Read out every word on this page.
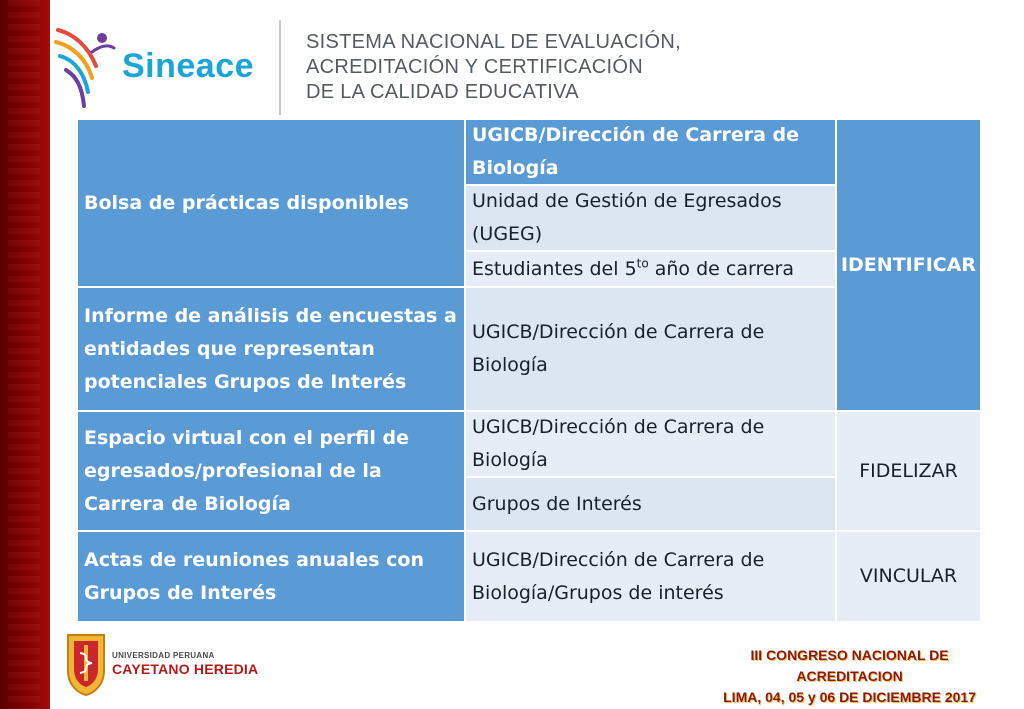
Sineace
SISTEMA NACIONAL DE EVALUACIÓN,
ACREDITACIÓN Y CERTIFICACIÓN
DE LA CALIDAD EDUCATIVA
Bolsa de prácticas disponibles
UGICB/Dirección de Carrera de Biología
Unidad de Gestión de Egresados (UGEG)
Estudiantes del $5^{to}$ año de carrera IDENTIFICAR
Informe de análisis de encuestas a entidades que representan potenciales Grupos de Interés
UGICB/Dirección de Carrera de Biología
Espacio virtual con el perfil de egresados/profesional de la Carrera de Biología
UGICB/Dirección de Carrera de Biología
Grupos de Interés
FIDELIZAR
Actas de reuniones anuales con Grupos de Interés
UGICB/Dirección de Carrera de Biología/Grupos de interés
VINCULAR
UNIVERSIDAD PERUANA
CAYETANO HEREDIA
III CONGRESO NACIONAL DE
ACREDITACION
LIMA, 04, 05 y 06 DE DICIEMBRE 2017
